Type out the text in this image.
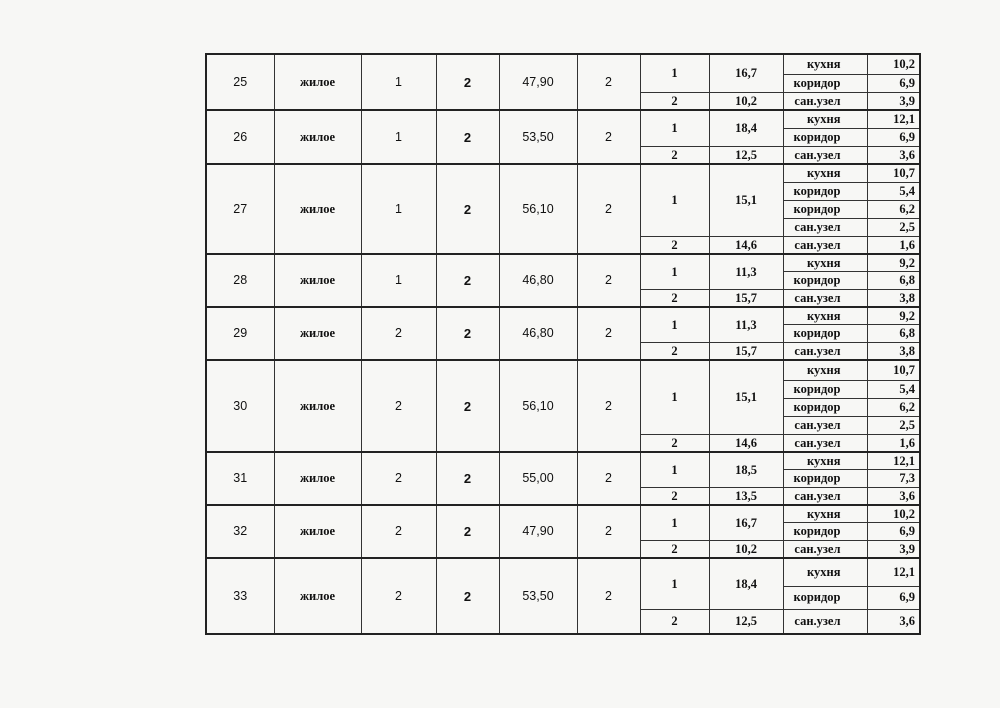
25	жилое	1	2	47,90	2	1	16,7	кухня	10,2
								коридор	6,9
						2	10,2	сан.узел	3,9
26	жилое	1	2	53,50	2	1	18,4	кухня	12,1
								коридор	6,9
						2	12,5	сан.узел	3,6
27	жилое	1	2	56,10	2	1	15,1	кухня	10,7
								коридор	5,4
								коридор	6,2
								сан.узел	2,5
						2	14,6	сан.узел	1,6
28	жилое	1	2	46,80	2	1	11,3	кухня	9,2
								коридор	6,8
						2	15,7	сан.узел	3,8
29	жилое	2	2	46,80	2	1	11,3	кухня	9,2
								коридор	6,8
						2	15,7	сан.узел	3,8
30	жилое	2	2	56,10	2	1	15,1	кухня	10,7
								коридор	5,4
								коридор	6,2
								сан.узел	2,5
						2	14,6	сан.узел	1,6
31	жилое	2	2	55,00	2	1	18,5	кухня	12,1
								коридор	7,3
						2	13,5	сан.узел	3,6
32	жилое	2	2	47,90	2	1	16,7	кухня	10,2
								коридор	6,9
						2	10,2	сан.узел	3,9
33	жилое	2	2	53,50	2	1	18,4	кухня	12,1
								коридор	6,9
						2	12,5	сан.узел	3,6
